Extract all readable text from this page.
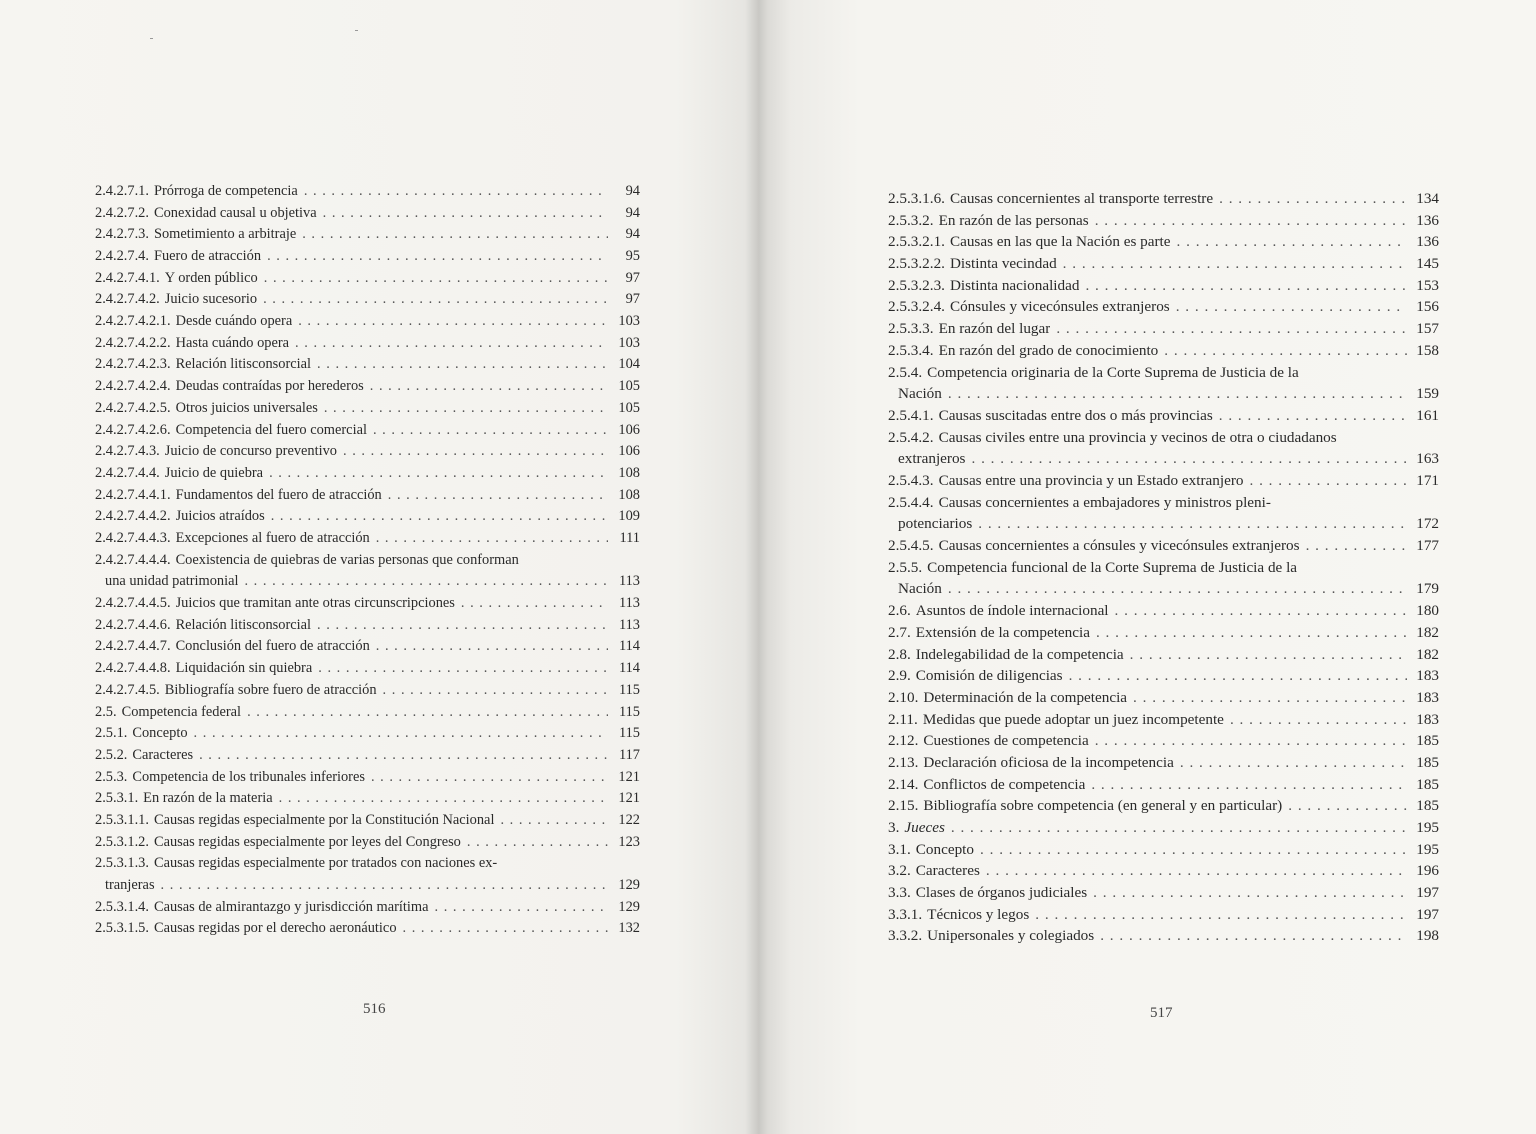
2.4.2.7.1. Prórroga de competencia . . .	94
2.4.2.7.2. Conexidad causal u objetiva . . .	94
2.4.2.7.3. Sometimiento a arbitraje . . .	94
2.4.2.7.4. Fuero de atracción . . .	95
2.4.2.7.4.1. Y orden público . . .	97
2.4.2.7.4.2. Juicio sucesorio . . .	97
2.4.2.7.4.2.1. Desde cuándo opera . . .	103
2.4.2.7.4.2.2. Hasta cuándo opera . . .	103
2.4.2.7.4.2.3. Relación litisconsorcial . . .	104
2.4.2.7.4.2.4. Deudas contraídas por herederos . . .	105
2.4.2.7.4.2.5. Otros juicios universales . . .	105
2.4.2.7.4.2.6. Competencia del fuero comercial . . .	106
2.4.2.7.4.3. Juicio de concurso preventivo . . .	106
2.4.2.7.4.4. Juicio de quiebra . . .	108
2.4.2.7.4.4.1. Fundamentos del fuero de atracción . . .	108
2.4.2.7.4.4.2. Juicios atraídos . . .	109
2.4.2.7.4.4.3. Excepciones al fuero de atracción . . .	111
2.4.2.7.4.4.4. Coexistencia de quiebras de varias personas que conforman
una unidad patrimonial . . .	113
2.4.2.7.4.4.5. Juicios que tramitan ante otras circunscripciones . . .	113
2.4.2.7.4.4.6. Relación litisconsorcial . . .	113
2.4.2.7.4.4.7. Conclusión del fuero de atracción . . .	114
2.4.2.7.4.4.8. Liquidación sin quiebra . . .	114
2.4.2.7.4.5. Bibliografía sobre fuero de atracción . . .	115
2.5. Competencia federal . . .	115
2.5.1. Concepto . . .	115
2.5.2. Caracteres . . .	117
2.5.3. Competencia de los tribunales inferiores . . .	121
2.5.3.1. En razón de la materia . . .	121
2.5.3.1.1. Causas regidas especialmente por la Constitución Nacional . . .	122
2.5.3.1.2. Causas regidas especialmente por leyes del Congreso . . .	123
2.5.3.1.3. Causas regidas especialmente por tratados con naciones ex-
tranjeras . . .	129
2.5.3.1.4. Causas de almirantazgo y jurisdicción marítima . . .	129
2.5.3.1.5. Causas regidas por el derecho aeronáutico . . .	132
516
2.5.3.1.6. Causas concernientes al transporte terrestre . . .	134
2.5.3.2. En razón de las personas . . .	136
2.5.3.2.1. Causas en las que la Nación es parte . . .	136
2.5.3.2.2. Distinta vecindad . . .	145
2.5.3.2.3. Distinta nacionalidad . . .	153
2.5.3.2.4. Cónsules y vicecónsules extranjeros . . .	156
2.5.3.3. En razón del lugar . . .	157
2.5.3.4. En razón del grado de conocimiento . . .	158
2.5.4. Competencia originaria de la Corte Suprema de Justicia de la
Nación . . .	159
2.5.4.1. Causas suscitadas entre dos o más provincias . . .	161
2.5.4.2. Causas civiles entre una provincia y vecinos de otra o ciudadanos
extranjeros . . .	163
2.5.4.3. Causas entre una provincia y un Estado extranjero . . .	171
2.5.4.4. Causas concernientes a embajadores y ministros pleni-
potenciarios . . .	172
2.5.4.5. Causas concernientes a cónsules y vicecónsules extranjeros . . .	177
2.5.5. Competencia funcional de la Corte Suprema de Justicia de la
Nación . . .	179
2.6. Asuntos de índole internacional . . .	180
2.7. Extensión de la competencia . . .	182
2.8. Indelegabilidad de la competencia . . .	182
2.9. Comisión de diligencias . . .	183
2.10. Determinación de la competencia . . .	183
2.11. Medidas que puede adoptar un juez incompetente . . .	183
2.12. Cuestiones de competencia . . .	185
2.13. Declaración oficiosa de la incompetencia . . .	185
2.14. Conflictos de competencia . . .	185
2.15. Bibliografía sobre competencia (en general y en particular) . . .	185
3. Jueces . . .	195
3.1. Concepto . . .	195
3.2. Caracteres . . .	196
3.3. Clases de órganos judiciales . . .	197
3.3.1. Técnicos y legos . . .	197
3.3.2. Unipersonales y colegiados . . .	198
517
